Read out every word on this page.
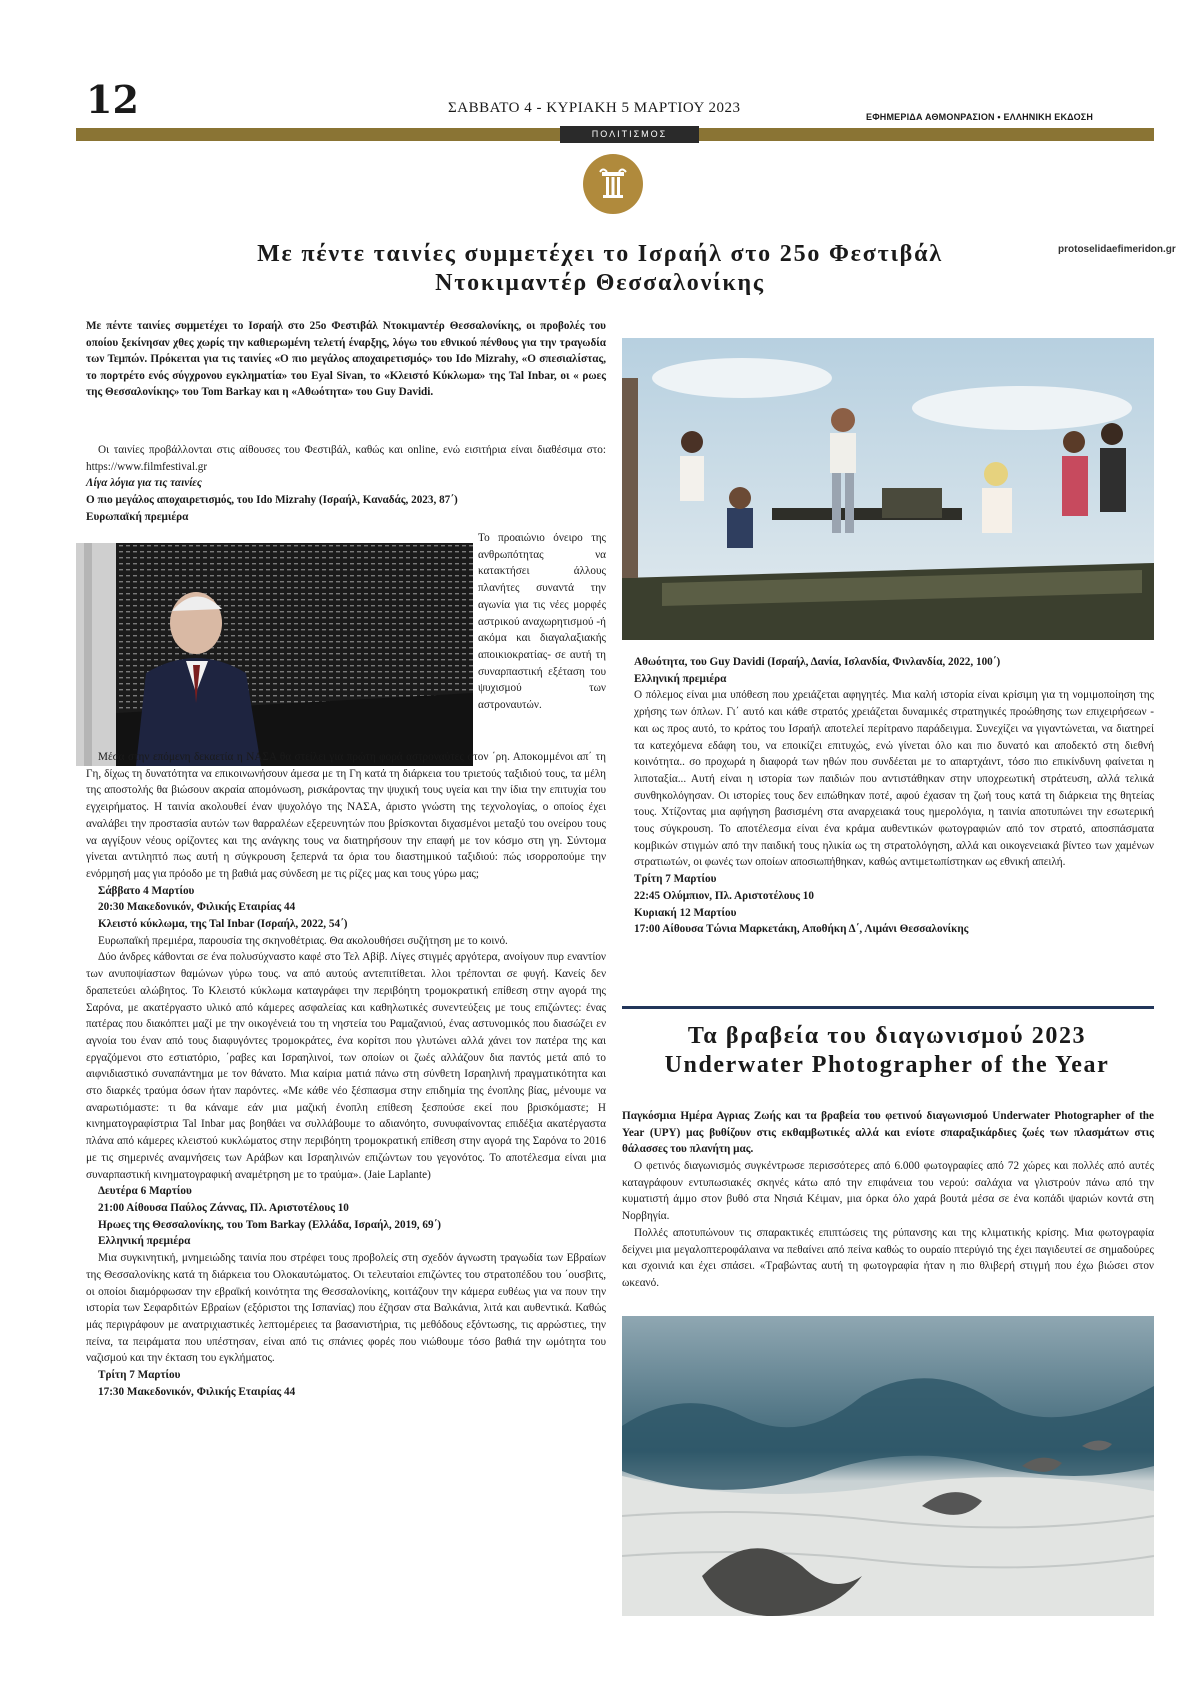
12	ΣΑΒΒΑΤΟ 4 - ΚΥΡΙΑΚΗ 5 ΜΑΡΤΙΟΥ 2023
ΕΦΗΜΕΡΙΔΑ ΑΘΜΟΝΡΑΣΙΟΝ • ΕΛΛΗΝΙΚΗ ΕΚΔΟΣΗ
ΠΟΛΙΤΙΣΜΟΣ
protoselidaefimeridon.gr
Με πέντε ταινίες συμμετέχει το Ισραήλ στο 25ο Φεστιβάλ
Ντοκιμαντέρ Θεσσαλονίκης
Με πέντε ταινίες συμμετέχει το Ισραήλ στο 25ο Φεστιβάλ Ντοκιμαντέρ Θεσσαλονίκης, οι προβολές του οποίου ξεκίνησαν χθες χωρίς την καθιερωμένη τελετή έναρξης, λόγω του εθνικού πένθους για την τραγωδία των Τεμπών. Πρόκειται για τις ταινίες «Ο πιο μεγάλος αποχαιρετισμός» του Ido Mizrahy, «Ο σπεσιαλίστας, το πορτρέτο ενός σύγχρονου εγκληματία» του Eyal Sivan, το «Κλειστό Κύκλωμα» της Tal Inbar, οι « ρωες της Θεσσαλονίκης» του Tom Barkay και η «Αθωότητα» του Guy Davidi.

Οι ταινίες προβάλλονται στις αίθουσες του Φεστιβάλ, καθώς και online, ενώ εισιτήρια είναι διαθέσιμα στο: https://www.filmfestival.gr

Λίγα λόγια για τις ταινίες

Ο πιο μεγάλος αποχαιρετισμός, του Ido Mizrahy (Ισραήλ, Καναδάς, 2023, 87΄)

Ευρωπαϊκή πρεμιέρα

Το προαιώνιο όνειρο της ανθρωπότητας να κατακτήσει άλλους πλανήτες συναντά την αγωνία για τις νέες μορφές αστρικού αναχωρητισμού -ή ακόμα και διαγαλαξιακής αποικιοκρατίας- σε αυτή τη συναρπαστική εξέταση του ψυχισμού των αστροναυτών.

Μέσα στην επόμενη δεκαετία η ΝΑΣΑ θα στείλει για πρώτη φορά αστροναύτες στον ΄ρη. Αποκομμένοι απ΄ τη Γη, δίχως τη δυνατότητα να επικοινωνήσουν άμεσα με τη Γη κατά τη διάρκεια του τριετούς ταξιδιού τους, τα μέλη της αποστολής θα βιώσουν ακραία απομόνωση, ρισκάροντας την ψυχική τους υγεία και την ίδια την επιτυχία του εγχειρήματος. Η ταινία ακολουθεί έναν ψυχολόγο της ΝΑΣΑ, άριστο γνώστη της τεχνολογίας, ο οποίος έχει αναλάβει την προστασία αυτών των θαρραλέων εξερευνητών που βρίσκονται διχασμένοι μεταξύ του ονείρου τους να αγγίξουν νέους ορίζοντες και της ανάγκης τους να διατηρήσουν την επαφή με τον κόσμο στη γη. Σύντομα γίνεται αντιληπτό πως αυτή η σύγκρουση ξεπερνά τα όρια του διαστημικού ταξιδιού: πώς ισορροπούμε την ενόρμησή μας για πρόοδο με τη βαθιά μας σύνδεση με τις ρίζες μας και τους γύρω μας;

Σάββατο 4 Μαρτίου

20:30 Μακεδονικόν, Φιλικής Εταιρίας 44

Κλειστό κύκλωμα, της Tal Inbar (Ισραήλ, 2022, 54΄)

Ευρωπαϊκή πρεμιέρα, παρουσία της σκηνοθέτριας. Θα ακολουθήσει συζήτηση με το κοινό.

Δύο άνδρες κάθονται σε ένα πολυσύχναστο καφέ στο Τελ Αβίβ. Λίγες στιγμές αργότερα, ανοίγουν πυρ εναντίον των ανυποψίαστων θαμώνων γύρω τους. να από αυτούς αντεπιτίθεται. λλοι τρέπονται σε φυγή. Κανείς δεν δραπετεύει αλώβητος. Το Κλειστό κύκλωμα καταγράφει την περιβόητη τρομοκρατική επίθεση στην αγορά της Σαρόνα, με ακατέργαστο υλικό από κάμερες ασφαλείας και καθηλωτικές συνεντεύξεις με τους επιζώντες: ένας πατέρας που διακόπτει μαζί με την οικογένειά του τη νηστεία του Ραμαζανιού, ένας αστυνομικός που διασώζει εν αγνοία του έναν από τους διαφυγόντες τρομοκράτες, ένα κορίτσι που γλυτώνει αλλά χάνει τον πατέρα της και εργαζόμενοι στο εστιατόριο, ΄ραβες και Ισραηλινοί, των οποίων οι ζωές αλλάζουν δια παντός μετά από το αιφνιδιαστικό συναπάντημα με τον θάνατο. Μια καίρια ματιά πάνω στη σύνθετη Ισραηλινή πραγματικότητα και στο διαρκές τραύμα όσων ήταν παρόντες. «Με κάθε νέο ξέσπασμα στην επιδημία της ένοπλης βίας, μένουμε να αναρωτιόμαστε: τι θα κάναμε εάν μια μαζική ένοπλη επίθεση ξεσπούσε εκεί που βρισκόμαστε; Η κινηματογραφίστρια Tal Inbar μας βοηθάει να συλλάβουμε το αδιανόητο, συνυφαίνοντας επιδέξια ακατέργαστα πλάνα από κάμερες κλειστού κυκλώματος στην περιβόητη τρομοκρατική επίθεση στην αγορά της Σαρόνα το 2016 με τις σημερινές αναμνήσεις των Αράβων και Ισραηλινών επιζώντων του γεγονότος. Το αποτέλεσμα είναι μια συναρπαστική κινηματογραφική αναμέτρηση με το τραύμα». (Jaie Laplante)

Δευτέρα 6 Μαρτίου

21:00 Αίθουσα Παύλος Ζάννας, Πλ. Αριστοτέλους 10

Ηρωες της Θεσσαλονίκης, του Tom Barkay (Ελλάδα, Ισραήλ, 2019, 69΄)

Ελληνική πρεμιέρα

Μια συγκινητική, μνημειώδης ταινία που στρέφει τους προβολείς στη σχεδόν άγνωστη τραγωδία των Εβραίων της Θεσσαλονίκης κατά τη διάρκεια του Ολοκαυτώματος. Οι τελευταίοι επιζώντες του στρατοπέδου του ΄ουσβιτς, οι οποίοι διαμόρφωσαν την εβραϊκή κοινότητα της Θεσσαλονίκης, κοιτάζουν την κάμερα ευθέως για να πουν την ιστορία των Σεφαρδιτών Εβραίων (εξόριστοι της Ισπανίας) που έζησαν στα Βαλκάνια, λιτά και αυθεντικά. Καθώς μάς περιγράφουν με ανατριχιαστικές λεπτομέρειες τα βασανιστήρια, τις μεθόδους εξόντωσης, τις αρρώστιες, την πείνα, τα πειράματα που υπέστησαν, είναι από τις σπάνιες φορές που νιώθουμε τόσο βαθιά την ωμότητα του ναζισμού και την έκταση του εγκλήματος.

Τρίτη 7 Μαρτίου

17:30 Μακεδονικόν, Φιλικής Εταιρίας 44

Αθωότητα, του Guy Davidi (Ισραήλ, Δανία, Ισλανδία, Φινλανδία, 2022, 100΄)

Ελληνική πρεμιέρα

Ο πόλεμος είναι μια υπόθεση που χρειάζεται αφηγητές. Μια καλή ιστορία είναι κρίσιμη για τη νομιμοποίηση της χρήσης των όπλων. Γι΄ αυτό και κάθε στρατός χρειάζεται δυναμικές στρατηγικές προώθησης των επιχειρήσεων - και ως προς αυτό, το κράτος του Ισραήλ αποτελεί περίτρανο παράδειγμα. Συνεχίζει να γιγαντώνεται, να διατηρεί τα κατεχόμενα εδάφη του, να εποικίζει επιτυχώς, ενώ γίνεται όλο και πιο δυνατό και αποδεκτό στη διεθνή κοινότητα.. σο προχωρά η διαφορά των ηθών που συνδέεται με το απαρτχάιντ, τόσο πιο επικίνδυνη φαίνεται η λιποταξία... Αυτή είναι η ιστορία των παιδιών που αντιστάθηκαν στην υποχρεωτική στράτευση, αλλά τελικά συνθηκολόγησαν. Οι ιστορίες τους δεν ειπώθηκαν ποτέ, αφού έχασαν τη ζωή τους κατά τη διάρκεια της θητείας τους. Χτίζοντας μια αφήγηση βασισμένη στα αναρχειακά τους ημερολόγια, η ταινία αποτυπώνει την εσωτερική τους σύγκρουση. Το αποτέλεσμα είναι ένα κράμα αυθεντικών φωτογραφιών από τον στρατό, αποσπάσματα κομβικών στιγμών από την παιδική τους ηλικία ως τη στρατολόγηση, αλλά και οικογενειακά βίντεο των χαμένων στρατιωτών, οι φωνές των οποίων αποσιωπήθηκαν, καθώς αντιμετωπίστηκαν ως εθνική απειλή.

Τρίτη 7 Μαρτίου

22:45 Ολύμπιον, Πλ. Αριστοτέλους 10

Κυριακή 12 Μαρτίου

17:00 Αίθουσα Τώνια Μαρκετάκη, Αποθήκη Δ΄, Λιμάνι Θεσσαλονίκης

Τα βραβεία του διαγωνισμού 2023
Underwater Photographer of the Year
Παγκόσμια Ημέρα Αγριας Ζωής και τα βραβεία του φετινού διαγωνισμού Underwater Photographer of the Year (UPY) μας βυθίζουν στις εκθαμβωτικές αλλά και ενίοτε σπαραξικάρδιες ζωές των πλασμάτων στις θάλασσες του πλανήτη μας.

Ο φετινός διαγωνισμός συγκέντρωσε περισσότερες από 6.000 φωτογραφίες από 72 χώρες και πολλές από αυτές καταγράφουν εντυπωσιακές σκηνές κάτω από την επιφάνεια του νερού: σαλάχια να γλιστρούν πάνω από την κυματιστή άμμο στον βυθό στα Νησιά Κέιμαν, μια όρκα όλο χαρά βουτά μέσα σε ένα κοπάδι ψαριών κοντά στη Νορβηγία.

Πολλές αποτυπώνουν τις σπαρακτικές επιπτώσεις της ρύπανσης και της κλιματικής κρίσης. Μια φωτογραφία δείχνει μια μεγαλοπτεροφάλαινα να πεθαίνει από πείνα καθώς το ουραίο πτερύγιό της έχει παγιδευτεί σε σημαδούρες και σχοινιά και έχει σπάσει. «Τραβώντας αυτή τη φωτογραφία ήταν η πιο θλιβερή στιγμή που έχω βιώσει στον ωκεανό.
